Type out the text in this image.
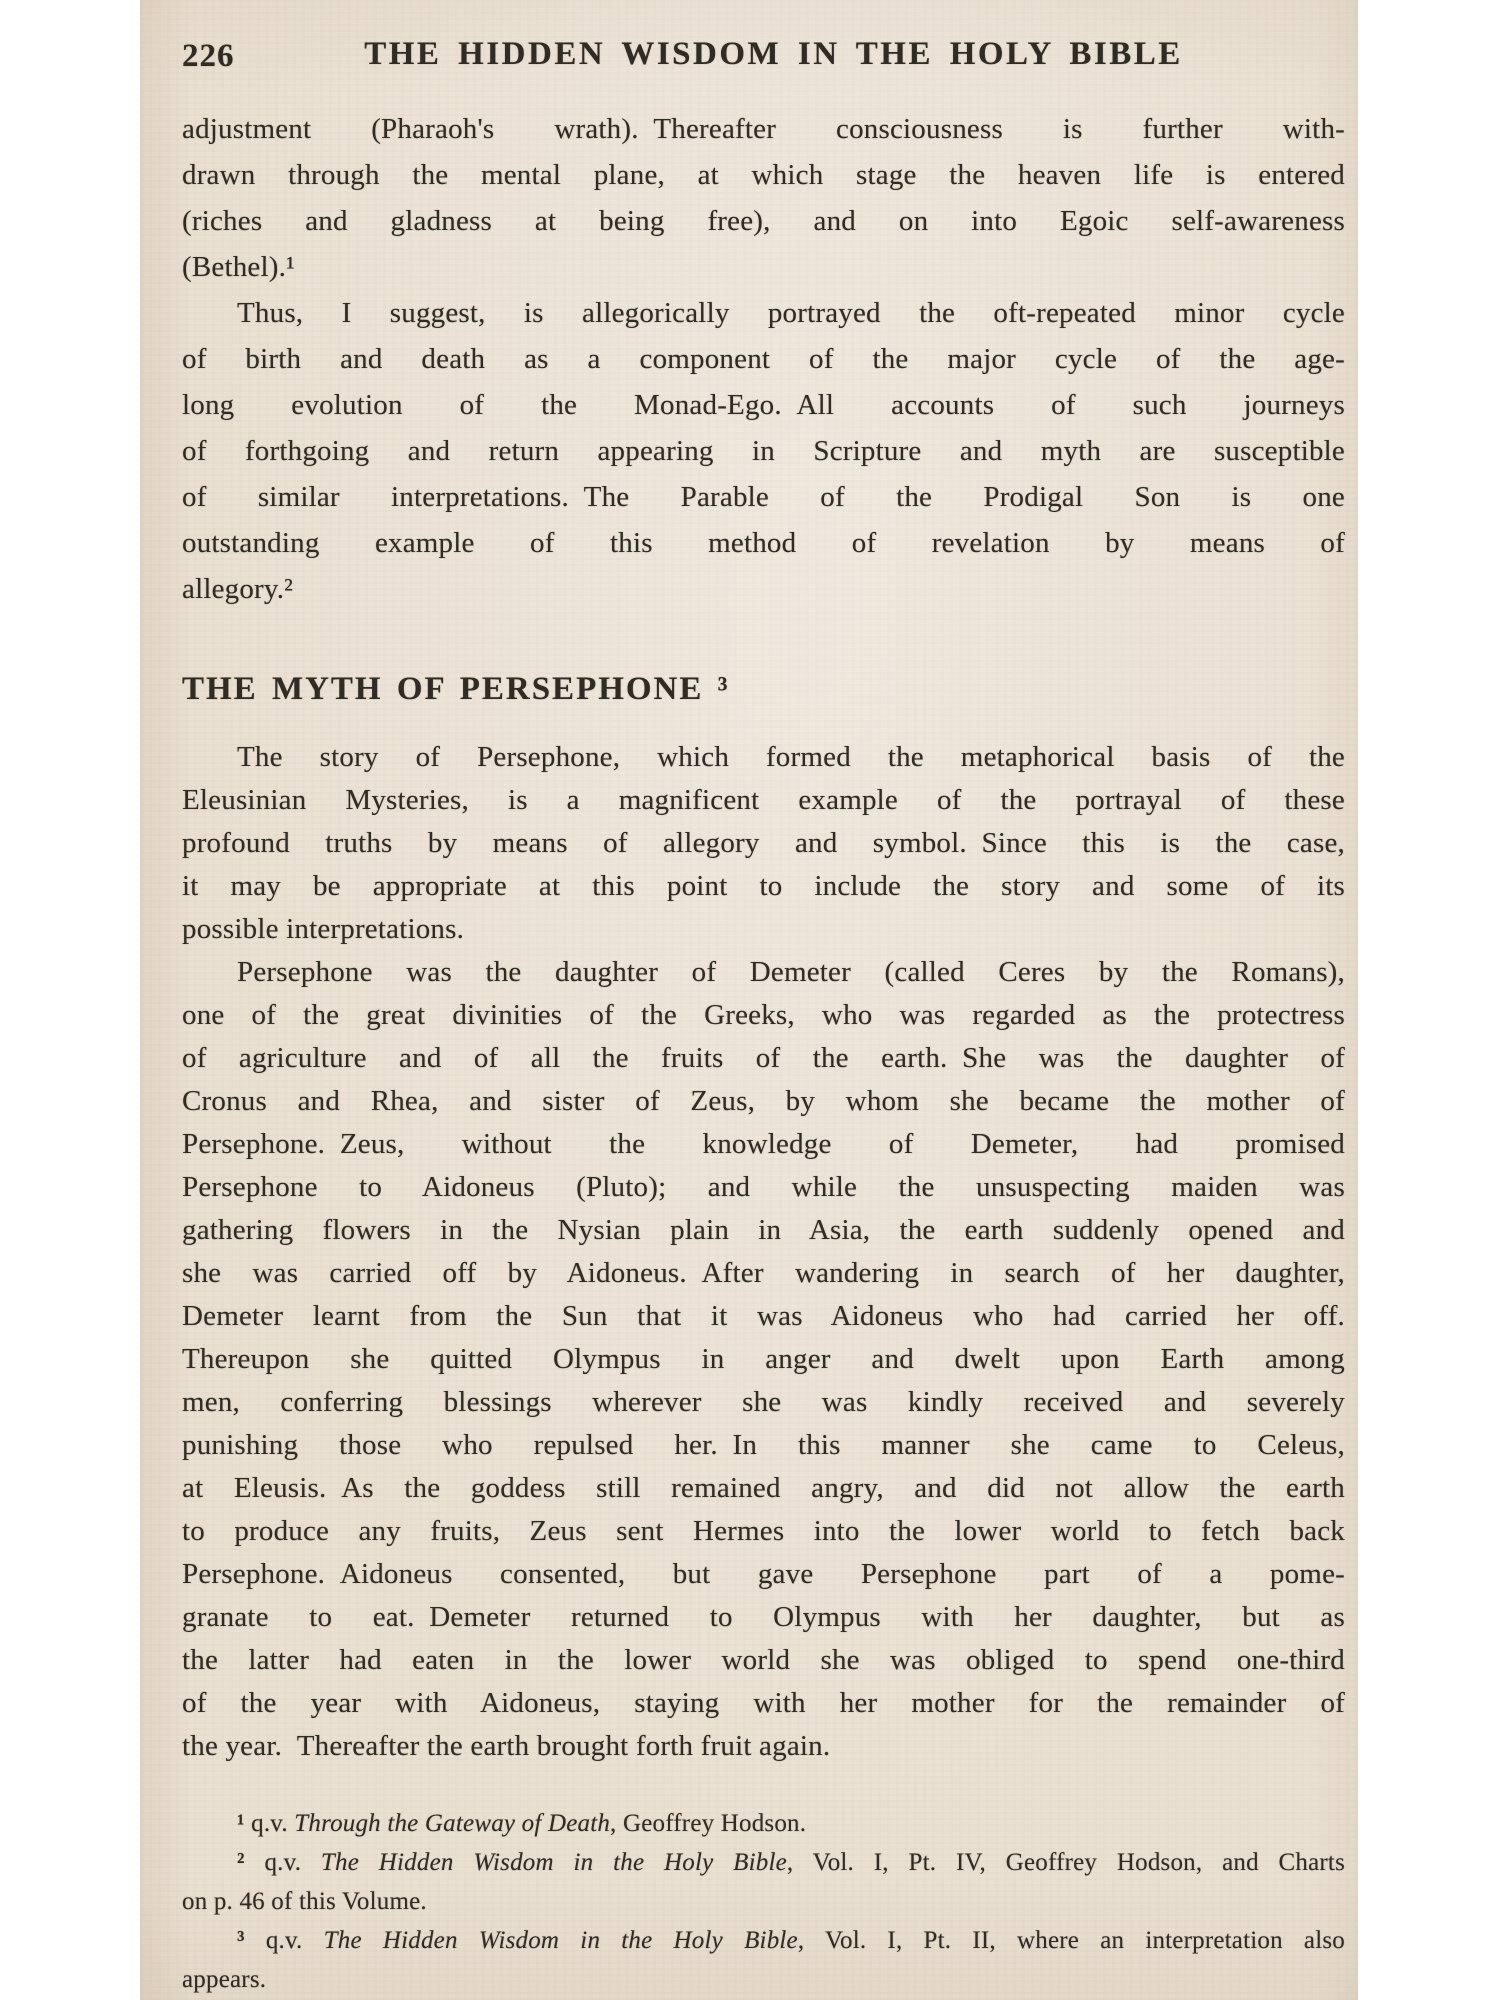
226	THE HIDDEN WISDOM IN THE HOLY BIBLE
adjustment (Pharaoh's wrath). Thereafter consciousness is further with-
drawn through the mental plane, at which stage the heaven life is entered
(riches and gladness at being free), and on into Egoic self-awareness
(Bethel).¹
Thus, I suggest, is allegorically portrayed the oft-repeated minor cycle
of birth and death as a component of the major cycle of the age-
long evolution of the Monad-Ego. All accounts of such journeys
of forthgoing and return appearing in Scripture and myth are susceptible
of similar interpretations. The Parable of the Prodigal Son is one
outstanding example of this method of revelation by means of
allegory.²
THE MYTH OF PERSEPHONE ³
The story of Persephone, which formed the metaphorical basis of the
Eleusinian Mysteries, is a magnificent example of the portrayal of these
profound truths by means of allegory and symbol. Since this is the case,
it may be appropriate at this point to include the story and some of its
possible interpretations.
Persephone was the daughter of Demeter (called Ceres by the Romans),
one of the great divinities of the Greeks, who was regarded as the protectress
of agriculture and of all the fruits of the earth. She was the daughter of
Cronus and Rhea, and sister of Zeus, by whom she became the mother of
Persephone. Zeus, without the knowledge of Demeter, had promised
Persephone to Aidoneus (Pluto); and while the unsuspecting maiden was
gathering flowers in the Nysian plain in Asia, the earth suddenly opened and
she was carried off by Aidoneus. After wandering in search of her daughter,
Demeter learnt from the Sun that it was Aidoneus who had carried her off.
Thereupon she quitted Olympus in anger and dwelt upon Earth among
men, conferring blessings wherever she was kindly received and severely
punishing those who repulsed her. In this manner she came to Celeus,
at Eleusis. As the goddess still remained angry, and did not allow the earth
to produce any fruits, Zeus sent Hermes into the lower world to fetch back
Persephone. Aidoneus consented, but gave Persephone part of a pome-
granate to eat. Demeter returned to Olympus with her daughter, but as
the latter had eaten in the lower world she was obliged to spend one-third
of the year with Aidoneus, staying with her mother for the remainder of
the year. Thereafter the earth brought forth fruit again.
¹ q.v. Through the Gateway of Death, Geoffrey Hodson.
² q.v. The Hidden Wisdom in the Holy Bible, Vol. I, Pt. IV, Geoffrey Hodson, and Charts
on p. 46 of this Volume.
³ q.v. The Hidden Wisdom in the Holy Bible, Vol. I, Pt. II, where an interpretation also
appears.
